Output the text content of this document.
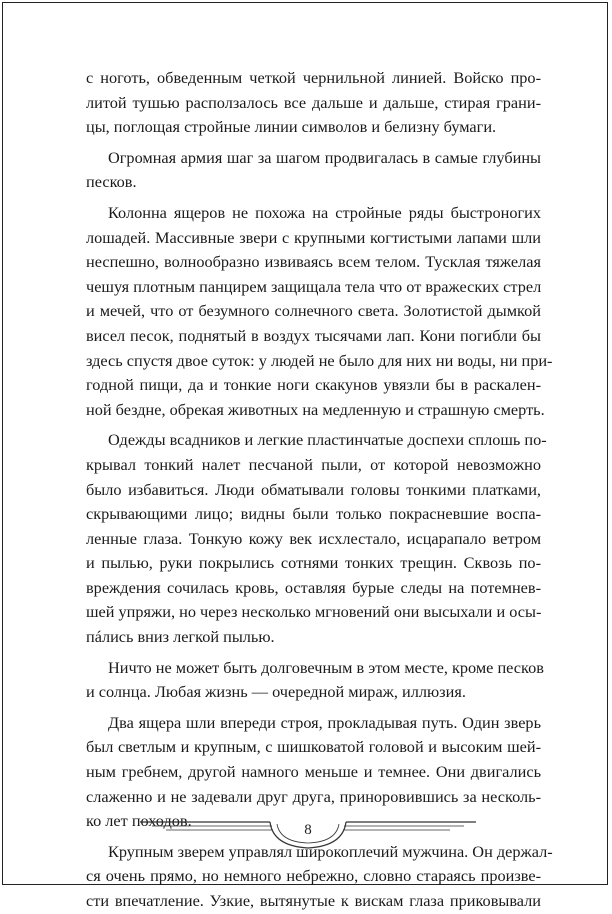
с ноготь, обведенным четкой чернильной линией. Войско про-
литой тушью расползалось все дальше и дальше, стирая грани-
цы, поглощая стройные линии символов и белизну бумаги.

Огромная армия шаг за шагом продвигалась в самые глубины
песков.

Колонна ящеров не похожа на стройные ряды быстроногих
лошадей. Массивные звери с крупными когтистыми лапами шли
неспешно, волнообразно извиваясь всем телом. Тусклая тяжелая
чешуя плотным панцирем защищала тела что от вражеских стрел
и мечей, что от безумного солнечного света. Золотистой дымкой
висел песок, поднятый в воздух тысячами лап. Кони погибли бы
здесь спустя двое суток: у людей не было для них ни воды, ни при-
годной пищи, да и тонкие ноги скакунов увязли бы в раскален-
ной бездне, обрекая животных на медленную и страшную смерть.

Одежды всадников и легкие пластинчатые доспехи сплошь по-
крывал тонкий налет песчаной пыли, от которой невозможно
было избавиться. Люди обматывали головы тонкими платками,
скрывающими лицо; видны были только покрасневшие воспа-
ленные глаза. Тонкую кожу век исхлестало, исцарапало ветром
и пылью, руки покрылись сотнями тонких трещин. Сквозь по-
вреждения сочилась кровь, оставляя бурые следы на потемнев-
шей упряжи, но через несколько мгновений они высыхали и осы-
пáлись вниз легкой пылью.

Ничто не может быть долговечным в этом месте, кроме песков
и солнца. Любая жизнь — очередной мираж, иллюзия.

Два ящера шли впереди строя, прокладывая путь. Один зверь
был светлым и крупным, с шишковатой головой и высоким шей-
ным гребнем, другой намного меньше и темнее. Они двигались
слаженно и не задевали друг друга, приноровившись за несколь-
ко лет походов.

Крупным зверем управлял широкоплечий мужчина. Он держал-
ся очень прямо, но немного небрежно, словно стараясь произве-
сти впечатление. Узкие, вытянутые к вискам глаза приковывали

8
